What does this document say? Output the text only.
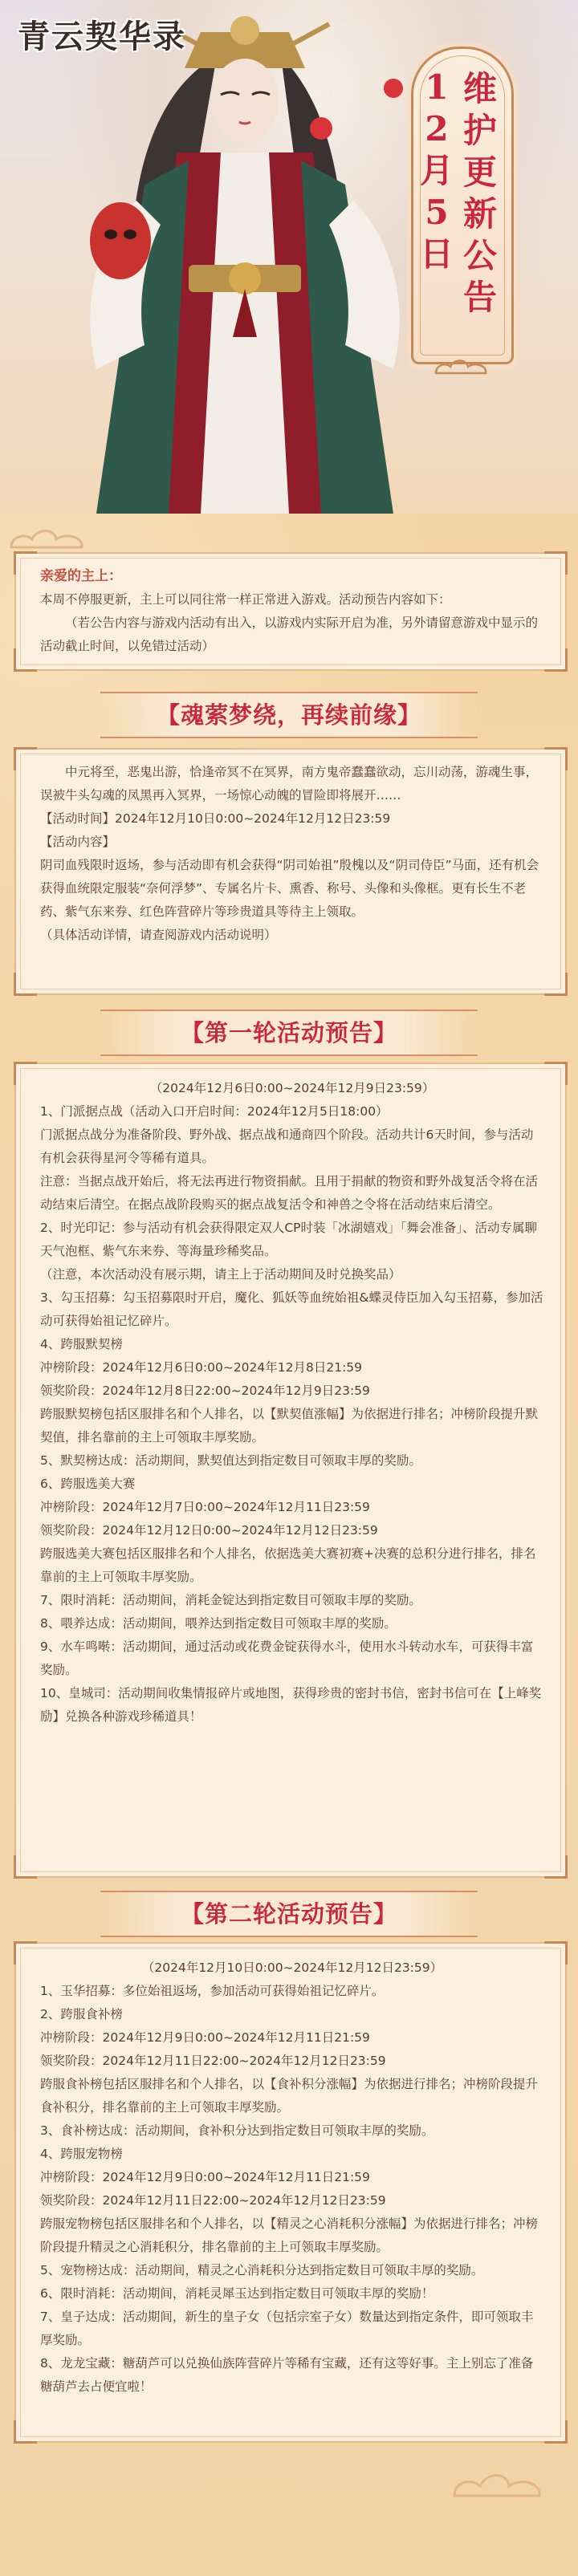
青云契华录
维护更新公告
12月5日

亲爱的主上：

本周不停服更新，主上可以同往常一样正常进入游戏。活动预告内容如下：

（若公告内容与游戏内活动有出入，以游戏内实际开启为准，另外请留意游戏中显示的活动截止时间，以免错过活动）

【魂萦梦绕，再续前缘】

中元将至，恶鬼出游，恰逢帝冥不在冥界，南方鬼帝蠢蠢欲动，忘川动荡，游魂生事，误被牛头勾魂的凤黑再入冥界，一场惊心动魄的冒险即将展开……

【活动时间】2024年12月10日0:00~2024年12月12日23:59

【活动内容】

阴司血残限时返场，参与活动即有机会获得“阴司始祖”殷槐以及“阴司侍臣”马面，还有机会获得血统限定服装“奈何浮梦”、专属名片卡、熏香、称号、头像和头像框。更有长生不老药、紫气东来券、红色阵营碎片等珍贵道具等待主上领取。

（具体活动详情，请查阅游戏内活动说明）

【第一轮活动预告】

（2024年12月6日0:00~2024年12月9日23:59）

1、门派据点战（活动入口开启时间：2024年12月5日18:00）

门派据点战分为准备阶段、野外战、据点战和通商四个阶段。活动共计6天时间，参与活动有机会获得星河令等稀有道具。

注意：当据点战开始后，将无法再进行物资捐献。且用于捐献的物资和野外战复活令将在活动结束后清空。在据点战阶段购买的据点战复活令和神兽之令将在活动结束后清空。

2、时光印记：参与活动有机会获得限定双人CP时装「冰湖嬉戏」「舞会准备」、活动专属聊天气泡框、紫气东来券、等海量珍稀奖品。

（注意，本次活动没有展示期，请主上于活动期间及时兑换奖品）

3、勾玉招募：勾玉招募限时开启，魔化、狐妖等血统始祖&蝶灵侍臣加入勾玉招募，参加活动可获得始祖记忆碎片。

4、跨服默契榜

冲榜阶段：2024年12月6日0:00~2024年12月8日21:59

领奖阶段：2024年12月8日22:00~2024年12月9日23:59

跨服默契榜包括区服排名和个人排名，以【默契值涨幅】为依据进行排名；冲榜阶段提升默契值，排名靠前的主上可领取丰厚奖励。

5、默契榜达成：活动期间，默契值达到指定数目可领取丰厚的奖励。

6、跨服选美大赛

冲榜阶段：2024年12月7日0:00~2024年12月11日23:59

领奖阶段：2024年12月12日0:00~2024年12月12日23:59

跨服选美大赛包括区服排名和个人排名，依据选美大赛初赛+决赛的总积分进行排名，排名靠前的主上可领取丰厚奖励。

7、限时消耗：活动期间，消耗金锭达到指定数目可领取丰厚的奖励。

8、喂养达成：活动期间，喂养达到指定数目可领取丰厚的奖励。

9、水车鸣啭：活动期间，通过活动或花费金锭获得水斗，使用水斗转动水车，可获得丰富奖励。

10、皇城司：活动期间收集情报碎片或地图，获得珍贵的密封书信，密封书信可在【上峰奖励】兑换各种游戏珍稀道具！

【第二轮活动预告】

（2024年12月10日0:00~2024年12月12日23:59）

1、玉华招募：多位始祖返场，参加活动可获得始祖记忆碎片。

2、跨服食补榜

冲榜阶段：2024年12月9日0:00~2024年12月11日21:59

领奖阶段：2024年12月11日22:00~2024年12月12日23:59

跨服食补榜包括区服排名和个人排名，以【食补积分涨幅】为依据进行排名；冲榜阶段提升食补积分，排名靠前的主上可领取丰厚奖励。

3、食补榜达成：活动期间，食补积分达到指定数目可领取丰厚的奖励。

4、跨服宠物榜

冲榜阶段：2024年12月9日0:00~2024年12月11日21:59

领奖阶段：2024年12月11日22:00~2024年12月12日23:59

跨服宠物榜包括区服排名和个人排名，以【精灵之心消耗积分涨幅】为依据进行排名；冲榜阶段提升精灵之心消耗积分，排名靠前的主上可领取丰厚奖励。

5、宠物榜达成：活动期间，精灵之心消耗积分达到指定数目可领取丰厚的奖励。

6、限时消耗：活动期间，消耗灵犀玉达到指定数目可领取丰厚的奖励！

7、皇子达成：活动期间，新生的皇子女（包括宗室子女）数量达到指定条件，即可领取丰厚奖励。

8、龙龙宝藏：糖葫芦可以兑换仙族阵营碎片等稀有宝藏，还有这等好事。主上别忘了准备糖葫芦去占便宜啦！
